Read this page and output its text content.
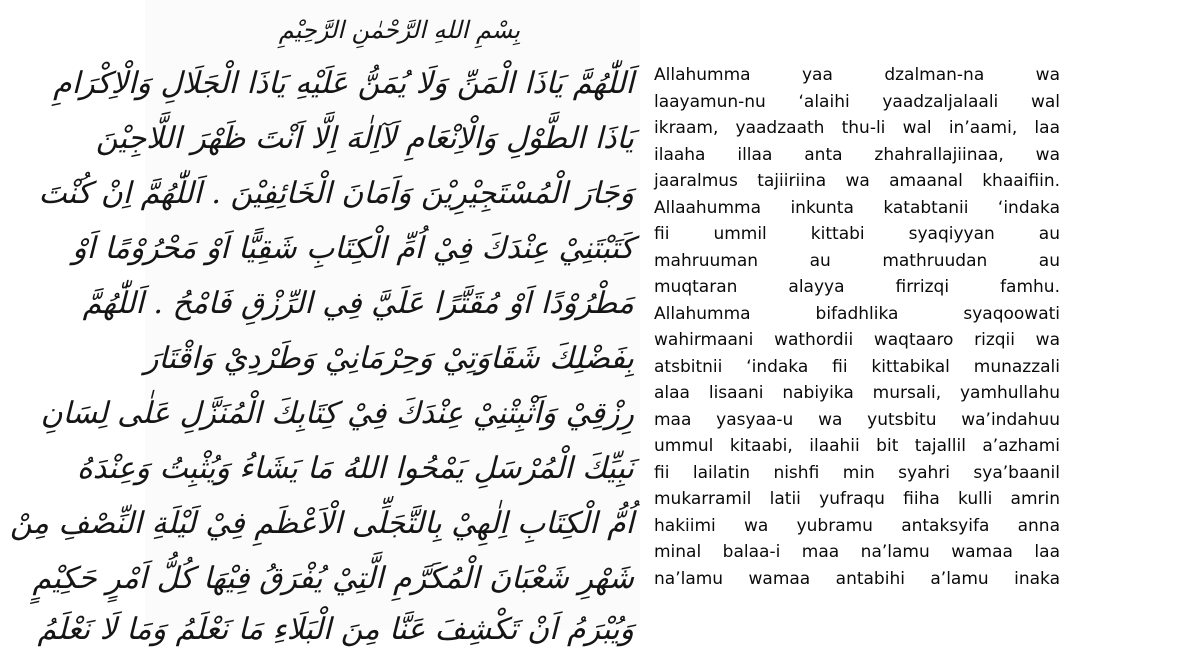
بِسْمِ اللهِ الرَّحْمٰنِ الرَّحِيْمِ
اَللّٰهُمَّ يَاذَا الْمَنِّ وَلَا يُمَنُّ عَلَيْهِ يَاذَا الْجَلَالِ وَالْاِكْرَامِ
يَاذَا الطَّوْلِ وَالْاِنْعَامِ لَآاِلٰهَ اِلَّا اَنْتَ ظَهْرَ اللَّاجِيْنَ
وَجَارَ الْمُسْتَجِيْرِيْنَ وَاَمَانَ الْخَائِفِيْنَ . اَللّٰهُمَّ اِنْ كُنْتَ
كَتَبْتَنِيْ عِنْدَكَ فِيْ اُمِّ الْكِتَابِ شَقِيًّا اَوْ مَحْرُوْمًا اَوْ
مَطْرُوْدًا اَوْ مُقَتَّرًا عَلَيَّ فِي الرِّزْقِ فَامْحُ . اَللّٰهُمَّ
بِفَضْلِكَ شَقَاوَتِيْ وَحِرْمَانِيْ وَطَرْدِيْ وَاقْتَارَ
رِزْقِيْ وَاَثْبِتْنِيْ عِنْدَكَ فِيْ كِتَابِكَ الْمُنَزَّلِ عَلٰى لِسَانِ
نَبِيِّكَ الْمُرْسَلِ يَمْحُوا اللهُ مَا يَشَاءُ وَيُثْبِتُ وَعِنْدَهُ
اُمُّ الْكِتَابِ اِلٰهِيْ بِالتَّجَلِّى الْاَعْظَمِ فِيْ لَيْلَةِ النِّصْفِ مِنْ
شَهْرِ شَعْبَانَ الْمُكَرَّمِ الَّتِيْ يُفْرَقُ فِيْهَا كُلُّ اَمْرٍ حَكِيْمٍ
وَيُبْرَمُ اَنْ تَكْشِفَ عَنَّا مِنَ الْبَلَاءِ مَا نَعْلَمُ وَمَا لَا نَعْلَمُ
Allahumma yaa dzalman-na wa
laayamun-nu ‘alaihi yaadzaljalaali wal
ikraam, yaadzaath thu-li wal in’aami, laa
ilaaha illaa anta zhahrallajiinaa, wa
jaaralmus tajiiriina wa amaanal khaaifiin.
Allaahumma inkunta katabtanii ‘indaka
fii ummil kittabi syaqiyyan au
mahruuman au mathruudan au
muqtaran alayya firrizqi famhu.
Allahumma bifadhlika syaqoowati
wahirmaani wathordii waqtaaro rizqii wa
atsbitnii ‘indaka fii kittabikal munazzali
alaa lisaani nabiyika mursali, yamhullahu
maa yasyaa-u wa yutsbitu wa’indahuu
ummul kitaabi, ilaahii bit tajallil a’azhami
fii lailatin nishfi min syahri sya’baanil
mukarramil latii yufraqu fiiha kulli amrin
hakiimi wa yubramu antaksyifa anna
minal balaa-i maa na’lamu wamaa laa
na’lamu wamaa antabihi a’lamu inaka
